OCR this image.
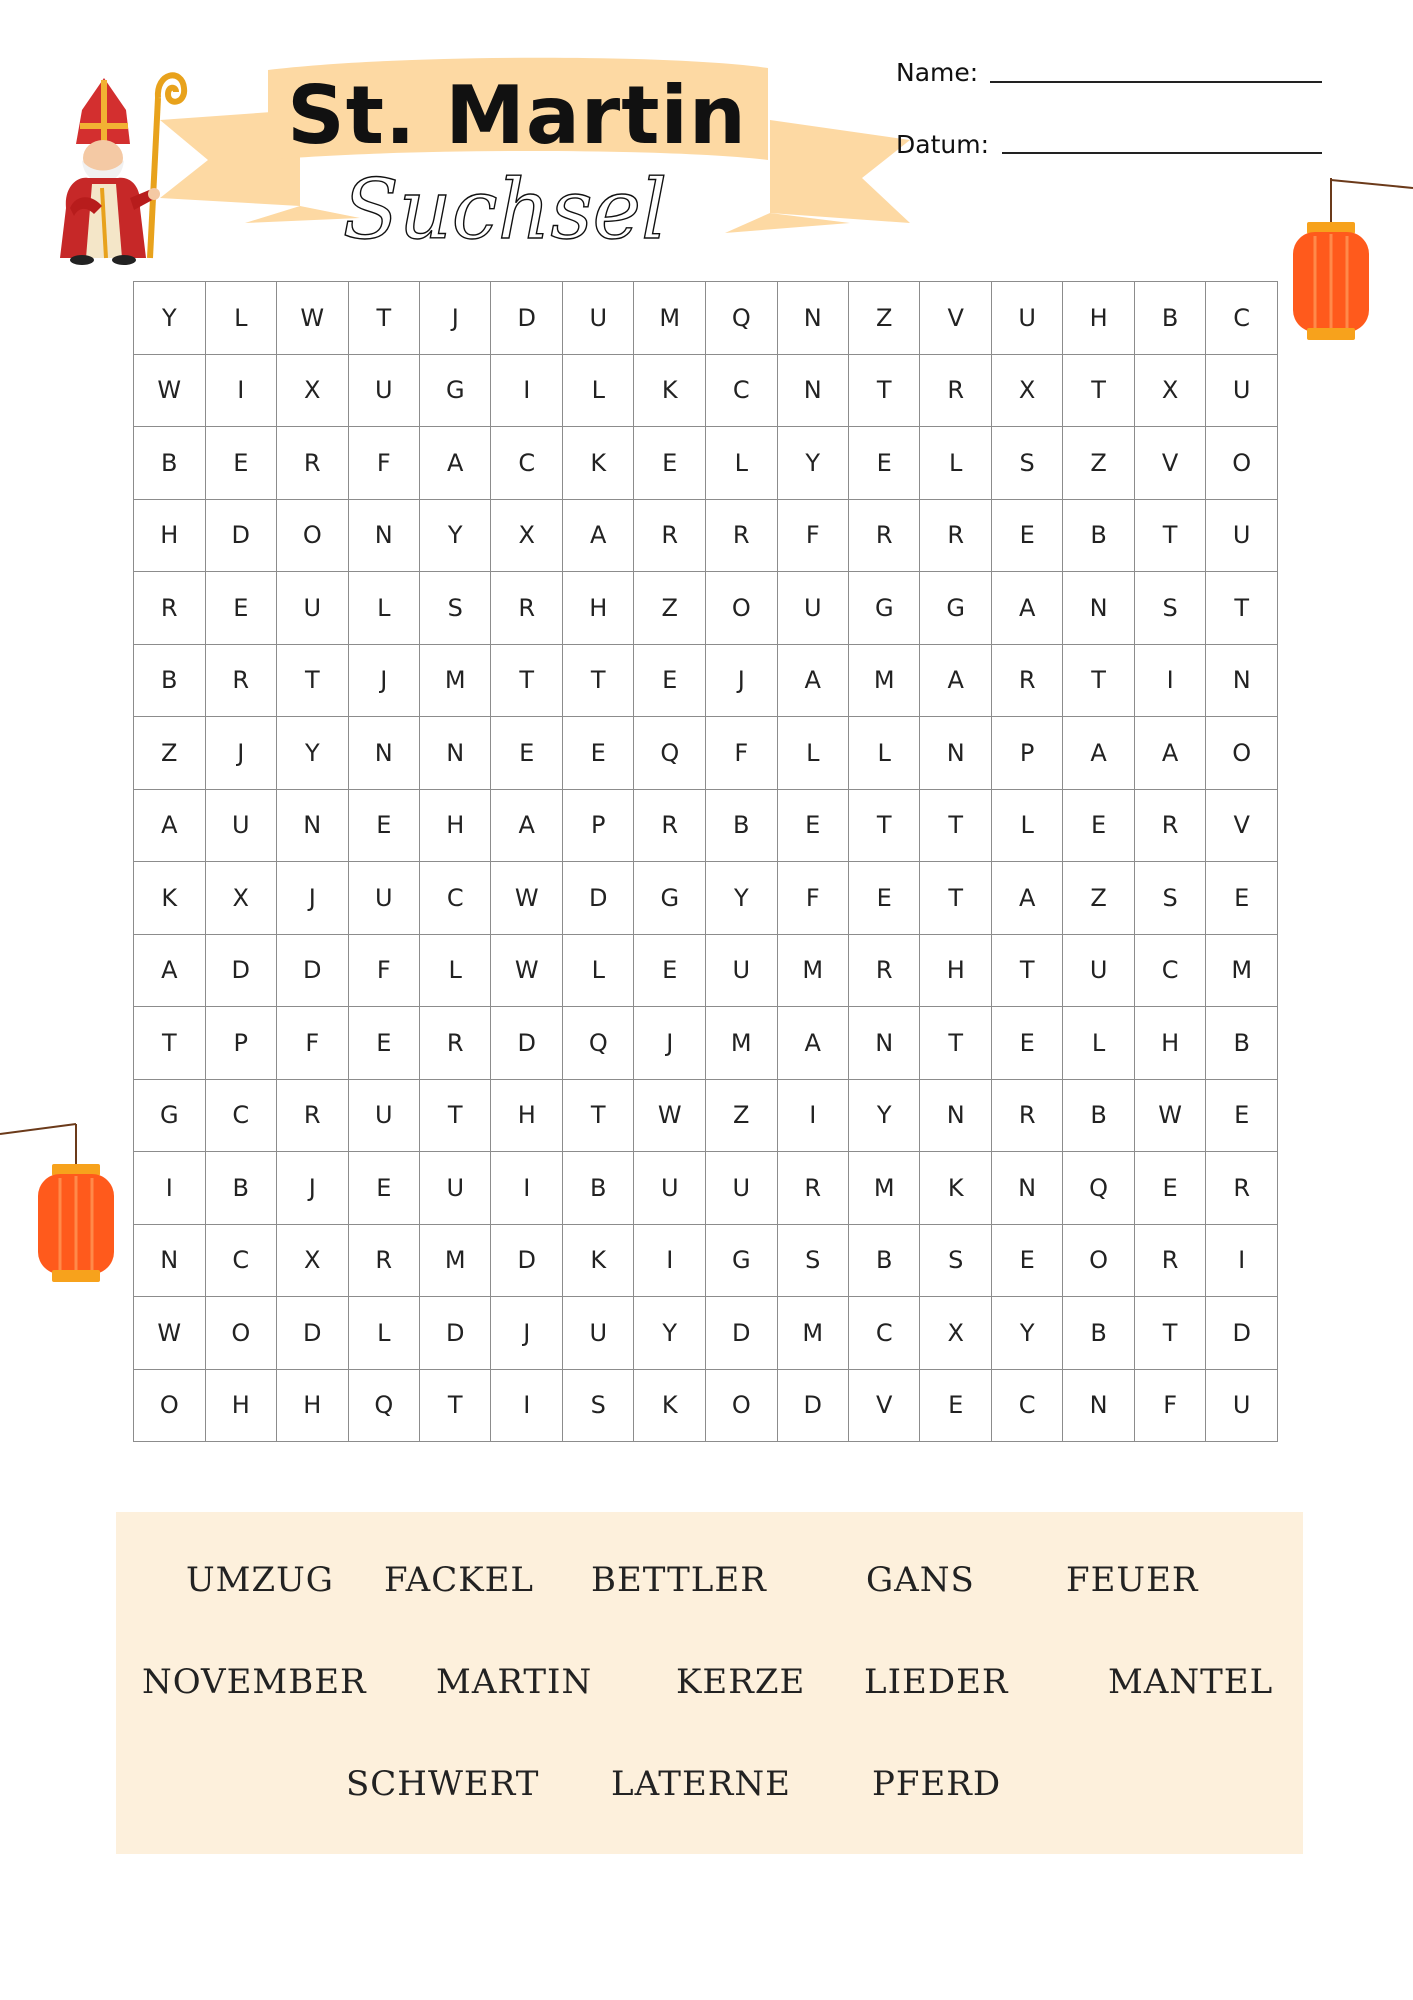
St. Martin
Suchsel
Name:
Datum:
Y	L	W	T	J	D	U	M	Q	N	Z	V	U	H	B	C
W	I	X	U	G	I	L	K	C	N	T	R	X	T	X	U
B	E	R	F	A	C	K	E	L	Y	E	L	S	Z	V	O
H	D	O	N	Y	X	A	R	R	F	R	R	E	B	T	U
R	E	U	L	S	R	H	Z	O	U	G	G	A	N	S	T
B	R	T	J	M	T	T	E	J	A	M	A	R	T	I	N
Z	J	Y	N	N	E	E	Q	F	L	L	N	P	A	A	O
A	U	N	E	H	A	P	R	B	E	T	T	L	E	R	V
K	X	J	U	C	W	D	G	Y	F	E	T	A	Z	S	E
A	D	D	F	L	W	L	E	U	M	R	H	T	U	C	M
T	P	F	E	R	D	Q	J	M	A	N	T	E	L	H	B
G	C	R	U	T	H	T	W	Z	I	Y	N	R	B	W	E
I	B	J	E	U	I	B	U	U	R	M	K	N	Q	E	R
N	C	X	R	M	D	K	I	G	S	B	S	E	O	R	I
W	O	D	L	D	J	U	Y	D	M	C	X	Y	B	T	D
O	H	H	Q	T	I	S	K	O	D	V	E	C	N	F	U
UMZUG FACKEL BETTLER	GANS	FEUER
NOVEMBER MARTIN KERZE LIEDER	MANTEL
SCHWERT LATERNE PFERD
